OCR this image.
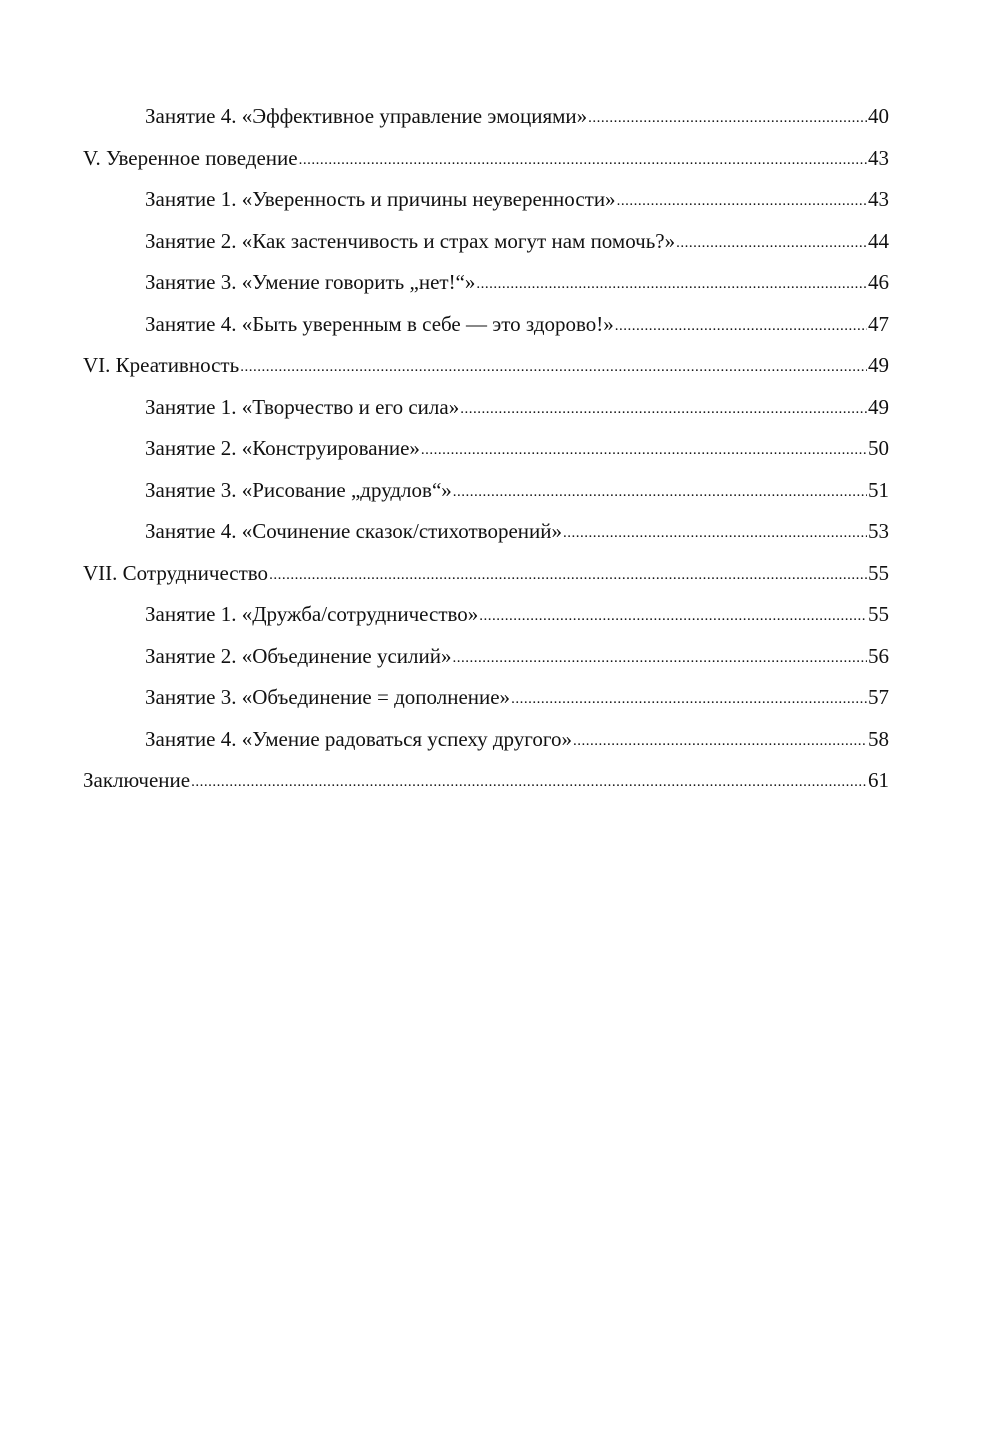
Занятие 4. «Эффективное управление эмоциями» .....	40
V. Уверенное поведение .....	43
Занятие 1. «Уверенность и причины неуверенности» .....	43
Занятие 2. «Как застенчивость и страх могут нам помочь?» .....	44
Занятие 3. «Умение говорить „нет!“» .....	46
Занятие 4. «Быть уверенным в себе — это здорово!» .....	47
VI. Креативность .....	49
Занятие 1. «Творчество и его сила» .....	49
Занятие 2. «Конструирование» .....	50
Занятие 3. «Рисование „друдлов“» .....	51
Занятие 4. «Сочинение сказок/стихотворений» .....	53
VII. Сотрудничество .....	55
Занятие 1. «Дружба/сотрудничество» .....	55
Занятие 2. «Объединение усилий» .....	56
Занятие 3. «Объединение = дополнение» .....	57
Занятие 4. «Умение радоваться успеху другого» .....	58
Заключение .....	61
